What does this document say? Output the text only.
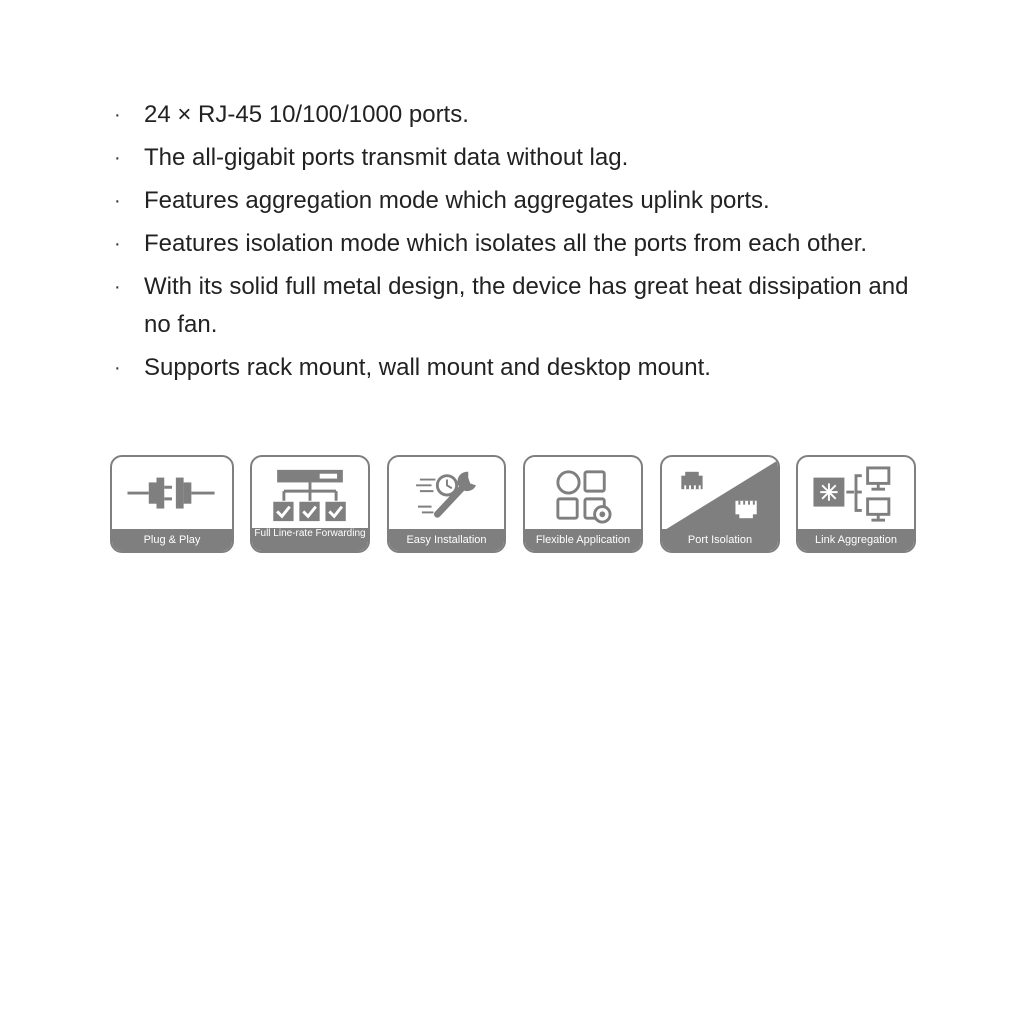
· 24 × RJ-45 10/100/1000 ports.
· The all-gigabit ports transmit data without lag.
· Features aggregation mode which aggregates uplink ports.
· Features isolation mode which isolates all the ports from each other.
· With its solid full metal design, the device has great heat dissipation and no fan.
· Supports rack mount, wall mount and desktop mount.
Plug & Play
Full Line-rate Forwarding
Easy Installation	Flexible Application	Port Isolation	Link Aggregation
